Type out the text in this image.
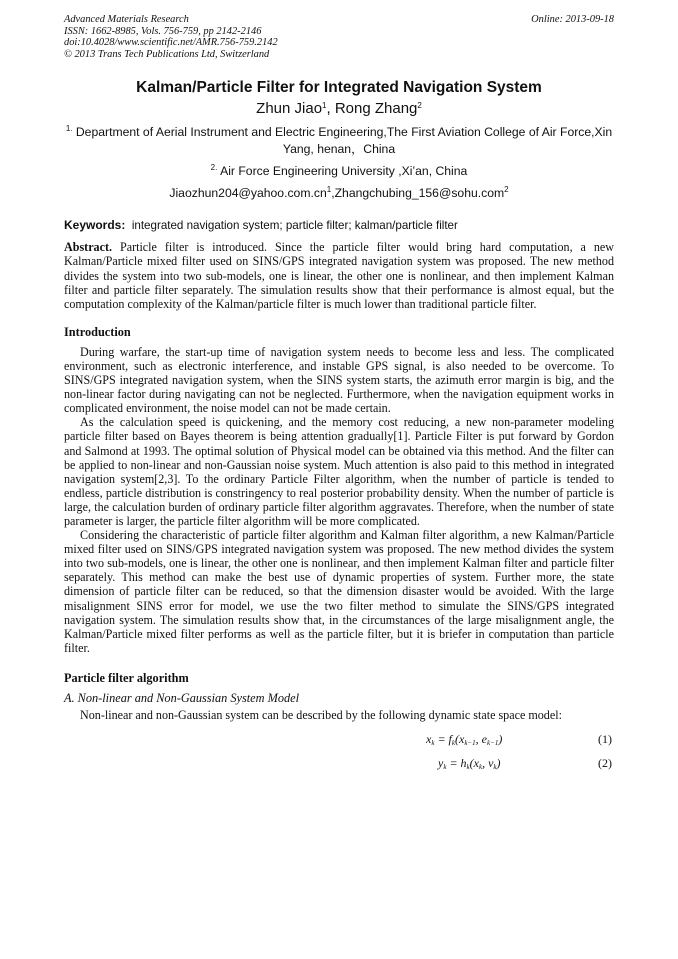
Advanced Materials Research
ISSN: 1662-8985, Vols. 756-759, pp 2142-2146
doi:10.4028/www.scientific.net/AMR.756-759.2142
© 2013 Trans Tech Publications Ltd, Switzerland
Online: 2013-09-18
Kalman/Particle Filter for Integrated Navigation System
Zhun Jiao$^1$, Rong Zhang$^2$
$^{1.}$ Department of Aerial Instrument and Electric Engineering,The First Aviation College of Air Force,Xin Yang, henan，China
$^{2.}$ Air Force Engineering University ,Xi’an, China
$Jiaozhun204@yahoo.com.cn^1,Zhangchubing\_156@sohu.com^2$
Keywords: integrated navigation system; particle filter; kalman/particle filter

Abstract. Particle filter is introduced. Since the particle filter would bring hard computation, a new Kalman/Particle mixed filter used on SINS/GPS integrated navigation system was proposed. The new method divides the system into two sub-models, one is linear, the other one is nonlinear, and then implement Kalman filter and particle filter separately. The simulation results show that their performance is almost equal, but the computation complexity of the Kalman/particle filter is much lower than traditional particle filter.

Introduction

During warfare, the start-up time of navigation system needs to become less and less. The complicated environment, such as electronic interference, and instable GPS signal, is also needed to be overcome. To SINS/GPS integrated navigation system, when the SINS system starts, the azimuth error margin is big, and the non-linear factor during navigating can not be neglected. Furthermore, when the navigation equipment works in complicated environment, the noise model can not be made certain.

As the calculation speed is quickening, and the memory cost reducing, a new non-parameter modeling particle filter based on Bayes theorem is being attention gradually[1]. Particle Filter is put forward by Gordon and Salmond at 1993. The optimal solution of Physical model can be obtained via this method. And the filter can be applied to non-linear and non-Gaussian noise system. Much attention is also paid to this method in integrated navigation system[2,3]. To the ordinary Particle Filter algorithm, when the number of particle is tended to endless, particle distribution is constringency to real posterior probability density. When the number of particle is large, the calculation burden of ordinary particle filter algorithm aggravates. Therefore, when the number of state parameter is larger, the particle filter algorithm will be more complicated.

Considering the characteristic of particle filter algorithm and Kalman filter algorithm, a new Kalman/Particle mixed filter used on SINS/GPS integrated navigation system was proposed. The new method divides the system into two sub-models, one is linear, the other one is nonlinear, and then implement Kalman filter and particle filter separately. This method can make the best use of dynamic properties of system. Further more, the state dimension of particle filter can be reduced, so that the dimension disaster would be avoided. With the large misalignment SINS error for model, we use the two filter method to simulate the SINS/GPS integrated navigation system. The simulation results show that, in the circumstances of the large misalignment angle, the Kalman/Particle mixed filter performs as well as the particle filter, but it is briefer in computation than particle filter.

Particle filter algorithm
A. Non-linear and Non-Gaussian System Model

Non-linear and non-Gaussian system can be described by the following dynamic state space model:

$x_k = f_k(x_{k-1}$, $e_{k-1}$)	(1)
$y_k = h_k(x_k$, $v_k$)	(2)
